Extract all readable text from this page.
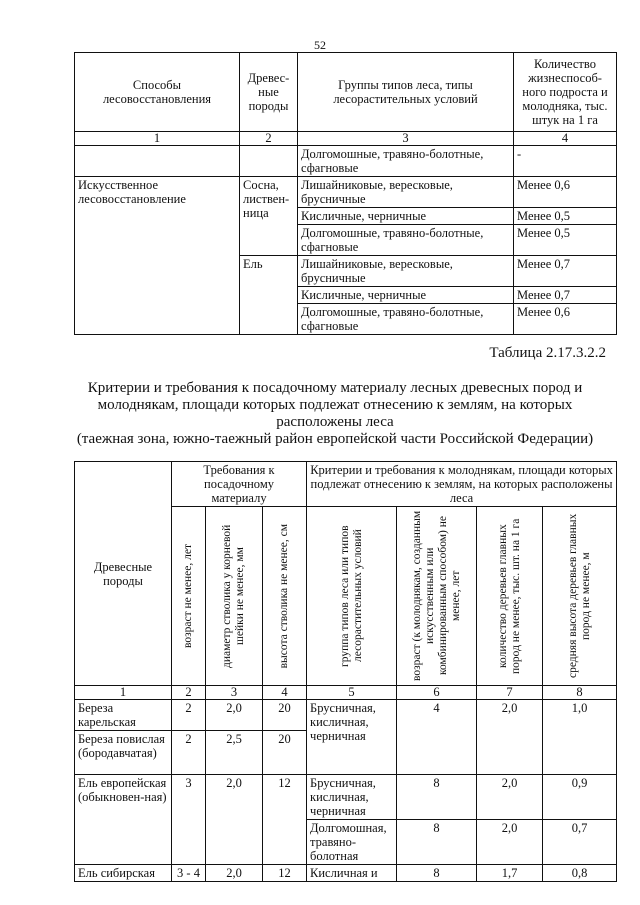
52
Способы лесовосстановления	Древес-ные породы	Группы типов леса, типы лесорастительных условий	Количество жизнеспособ-ного подроста и молодняка, тыс. штук на 1 га
1	2	3	4
		Долгомошные, травяно-болотные, сфагновые	-
Искусственное лесовосстановление	Сосна, листвен-ница	Лишайниковые, вересковые, брусничные	Менее 0,6
		Кисличные, черничные	Менее 0,5
		Долгомошные, травяно-болотные, сфагновые	Менее 0,5
	Ель	Лишайниковые, вересковые, брусничные	Менее 0,7
		Кисличные, черничные	Менее 0,7
		Долгомошные, травяно-болотные, сфагновые	Менее 0,6
Таблица 2.17.3.2.2
Критерии и требования к посадочному материалу лесных древесных пород и
молоднякам, площади которых подлежат отнесению к землям, на которых
расположены леса
(таежная зона, южно-таежный район европейской части Российской Федерации)
Древесные породы	Требования к посадочному материалу			Критерии и требования к молоднякам, площади которых подлежат отнесению к землям, на которых расположены леса			

	возраст не менее, лет	диаметр стволика у корневой шейки не менее, мм	высота стволика не менее, см	группа типов леса или типов лесорастительных условий	возраст (к молоднякам, созданным искусственным или комбинированным способом) не менее, лет	количество деревьев главных пород не менее, тыс. шт. на 1 га	средняя высота деревьев главных пород не менее, м

1	2	3	4	5	6	7	8
Береза карельская	2	2,0	20	Брусничная, кисличная, черничная	4	2,0	1,0
Береза повислая (бородавчатая)	2	2,5	20				
Ель европейская (обыкновен-ная)	3	2,0	12	Брусничная, кисличная, черничная	8	2,0	0,9
				Долгомошная, травяно-болотная	8	2,0	0,7
Ель сибирская	3 - 4	2,0	12	Кисличная и	8	1,7	0,8
